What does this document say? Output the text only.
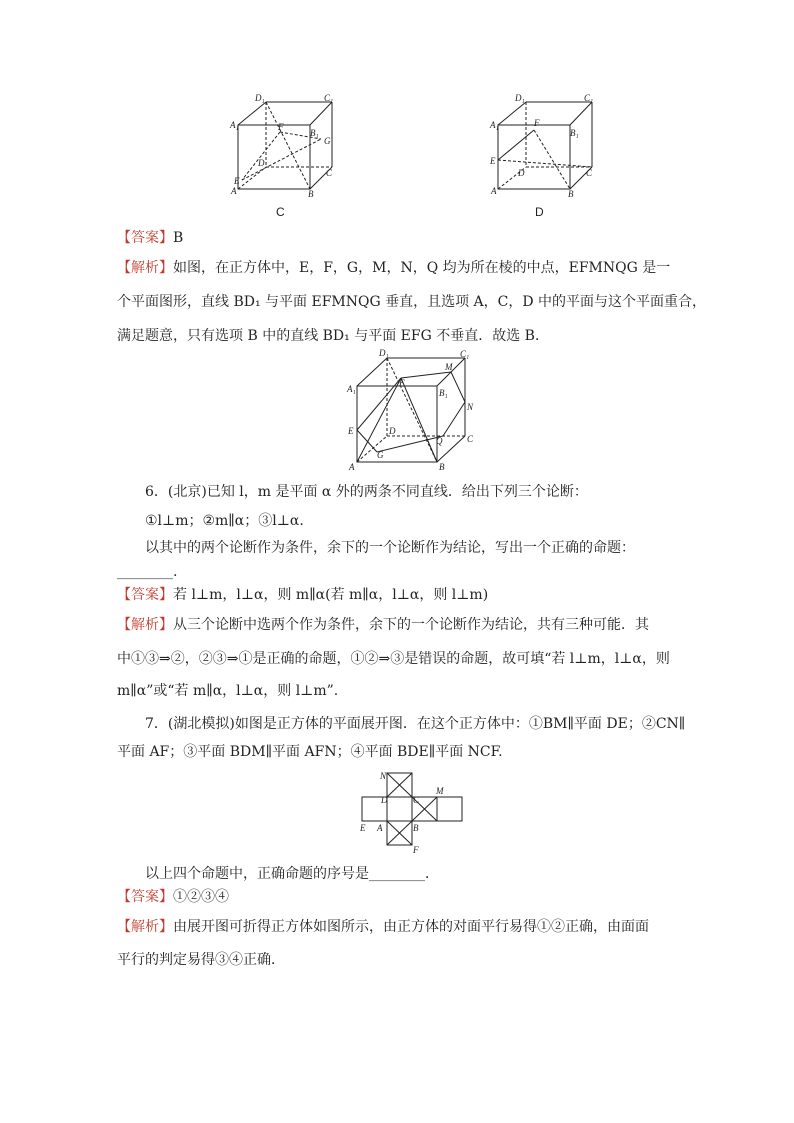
D₁	C₁
A₁
B₁
F
G
D
C
E
A	B
C
D₁	C₁
A₁
B₁
F
E
D	C
A	B
D
【答案】B
【解析】如图，在正方体中，E，F，G，M，N，Q 均为所在棱的中点，EFMNQG 是一
个平面图形，直线 BD₁ 与平面 EFMNQG 垂直，且选项 A，C，D 中的平面与这个平面重合，
满足题意，只有选项 B 中的直线 BD₁ 与平面 EFG 不垂直．故选 B．
D₁	C₁
A₁	B₁
F
M
N
E	D
G
Q	C
A	B
6．(北京)已知 l，m 是平面 α 外的两条不同直线．给出下列三个论断：
①l⊥m；②m∥α；③l⊥α.
以其中的两个论断作为条件，余下的一个论断作为结论，写出一个正确的命题：
________.
【答案】若 l⊥m，l⊥α，则 m∥α(若 m∥α，l⊥α，则 l⊥m)
【解析】从三个论断中选两个作为条件，余下的一个论断作为结论，共有三种可能．其
中①③⇒②，②③⇒①是正确的命题，①②⇒③是错误的命题，故可填“若 l⊥m，l⊥α，则
m∥α”或“若 m∥α，l⊥α，则 l⊥m”.
7．(湖北模拟)如图是正方体的平面展开图．在这个正方体中：①BM∥平面 DE；②CN∥
平面 AF；③平面 BDM∥平面 AFN；④平面 BDE∥平面 NCF.
N
D	C
M
E A	B
F
以上四个命题中，正确命题的序号是________．
【答案】①②③④
【解析】由展开图可折得正方体如图所示，由正方体的对面平行易得①②正确，由面面
平行的判定易得③④正确．
